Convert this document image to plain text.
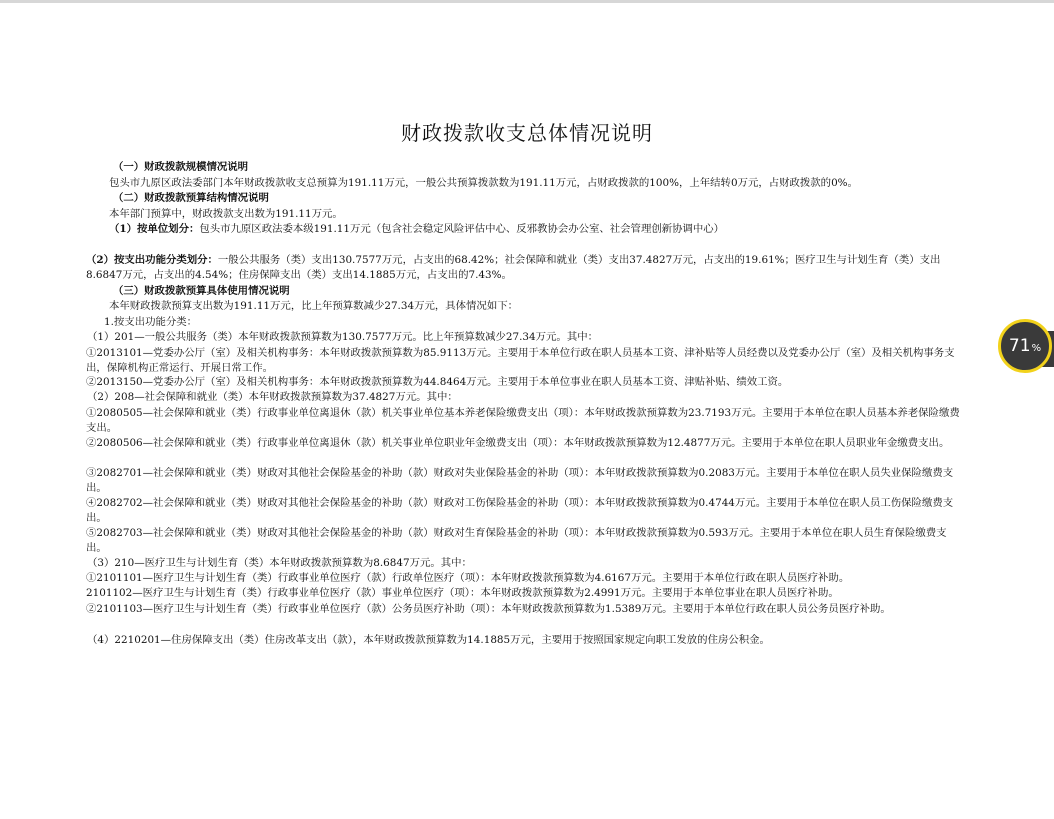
财政拨款收支总体情况说明
（一）财政拨款规模情况说明
包头市九原区政法委部门本年财政拨款收支总预算为191.11万元，一般公共预算拨款数为191.11万元，占财政拨款的100%，上年结转0万元，占财政拨款的0%。
（二）财政拨款预算结构情况说明
本年部门预算中，财政拨款支出数为191.11万元。
（1）按单位划分：包头市九原区政法委本级191.11万元（包含社会稳定风险评估中心、反邪教协会办公室、社会管理创新协调中心）
（2）按支出功能分类划分：一般公共服务（类）支出130.7577万元，占支出的68.42%；社会保障和就业（类）支出37.4827万元，占支出的19.61%；医疗卫生与计划生育（类）支出8.6847万元，占支出的4.54%；住房保障支出（类）支出14.1885万元，占支出的7.43%。
（三）财政拨款预算具体使用情况说明
本年财政拨款预算支出数为191.11万元，比上年预算数减少27.34万元，具体情况如下：
1.按支出功能分类：
（1）201—一般公共服务（类）本年财政拨款预算数为130.7577万元。比上年预算数减少27.34万元。其中：
①2013101—党委办公厅（室）及相关机构事务：本年财政拨款预算数为85.9113万元。主要用于本单位行政在职人员基本工资、津补贴等人员经费以及党委办公厅（室）及相关机构事务支出，保障机构正常运行、开展日常工作。
②2013150—党委办公厅（室）及相关机构事务：本年财政拨款预算数为44.8464万元。主要用于本单位事业在职人员基本工资、津贴补贴、绩效工资。
（2）208—社会保障和就业（类）本年财政拨款预算数为37.4827万元。其中：
①2080505—社会保障和就业（类）行政事业单位离退休（款）机关事业单位基本养老保险缴费支出（项）：本年财政拨款预算数为23.7193万元。主要用于本单位在职人员基本养老保险缴费支出。
②2080506—社会保障和就业（类）行政事业单位离退休（款）机关事业单位职业年金缴费支出（项）：本年财政拨款预算数为12.4877万元。主要用于本单位在职人员职业年金缴费支出。
③2082701—社会保障和就业（类）财政对其他社会保险基金的补助（款）财政对失业保险基金的补助（项）：本年财政拨款预算数为0.2083万元。主要用于本单位在职人员失业保险缴费支出。
④2082702—社会保障和就业（类）财政对其他社会保险基金的补助（款）财政对工伤保险基金的补助（项）：本年财政拨款预算数为0.4744万元。主要用于本单位在职人员工伤保险缴费支出。
⑤2082703—社会保障和就业（类）财政对其他社会保险基金的补助（款）财政对生育保险基金的补助（项）：本年财政拨款预算数为0.593万元。主要用于本单位在职人员生育保险缴费支出。
（3）210—医疗卫生与计划生育（类）本年财政拨款预算数为8.6847万元。其中：
①2101101—医疗卫生与计划生育（类）行政事业单位医疗（款）行政单位医疗（项）：本年财政拨款预算数为4.6167万元。主要用于本单位行政在职人员医疗补助。
2101102—医疗卫生与计划生育（类）行政事业单位医疗（款）事业单位医疗（项）：本年财政拨款预算数为2.4991万元。主要用于本单位事业在职人员医疗补助。
②2101103—医疗卫生与计划生育（类）行政事业单位医疗（款）公务员医疗补助（项）：本年财政拨款预算数为1.5389万元。主要用于本单位行政在职人员公务员医疗补助。
（4）2210201—住房保障支出（类）住房改革支出（款），本年财政拨款预算数为14.1885万元，主要用于按照国家规定向职工发放的住房公积金。
71 %
